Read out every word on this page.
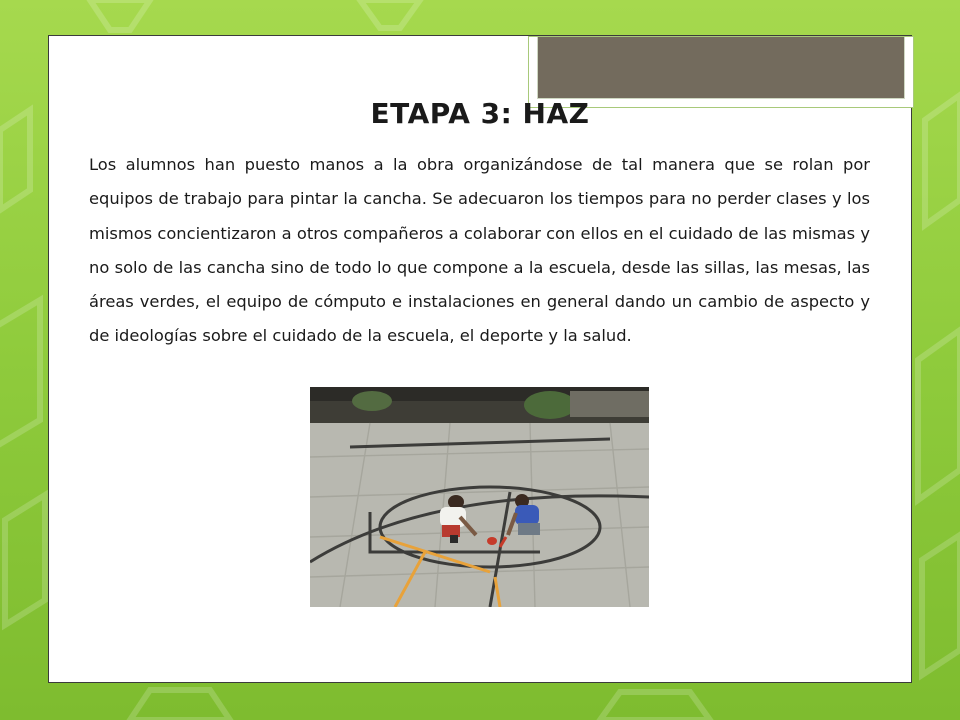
ETAPA 3: HAZ

Los alumnos han puesto manos a la obra organizándose de tal manera que se rolan por equipos de trabajo para pintar la cancha. Se adecuaron los tiempos para no perder clases y los mismos concientizaron a otros compañeros a colaborar con ellos en el cuidado de las mismas y no solo de las cancha sino de todo lo que compone a la escuela, desde las sillas, las mesas, las áreas verdes, el equipo de cómputo e instalaciones en general dando un cambio de aspecto y de ideologías sobre el cuidado de la escuela, el deporte y la salud.
